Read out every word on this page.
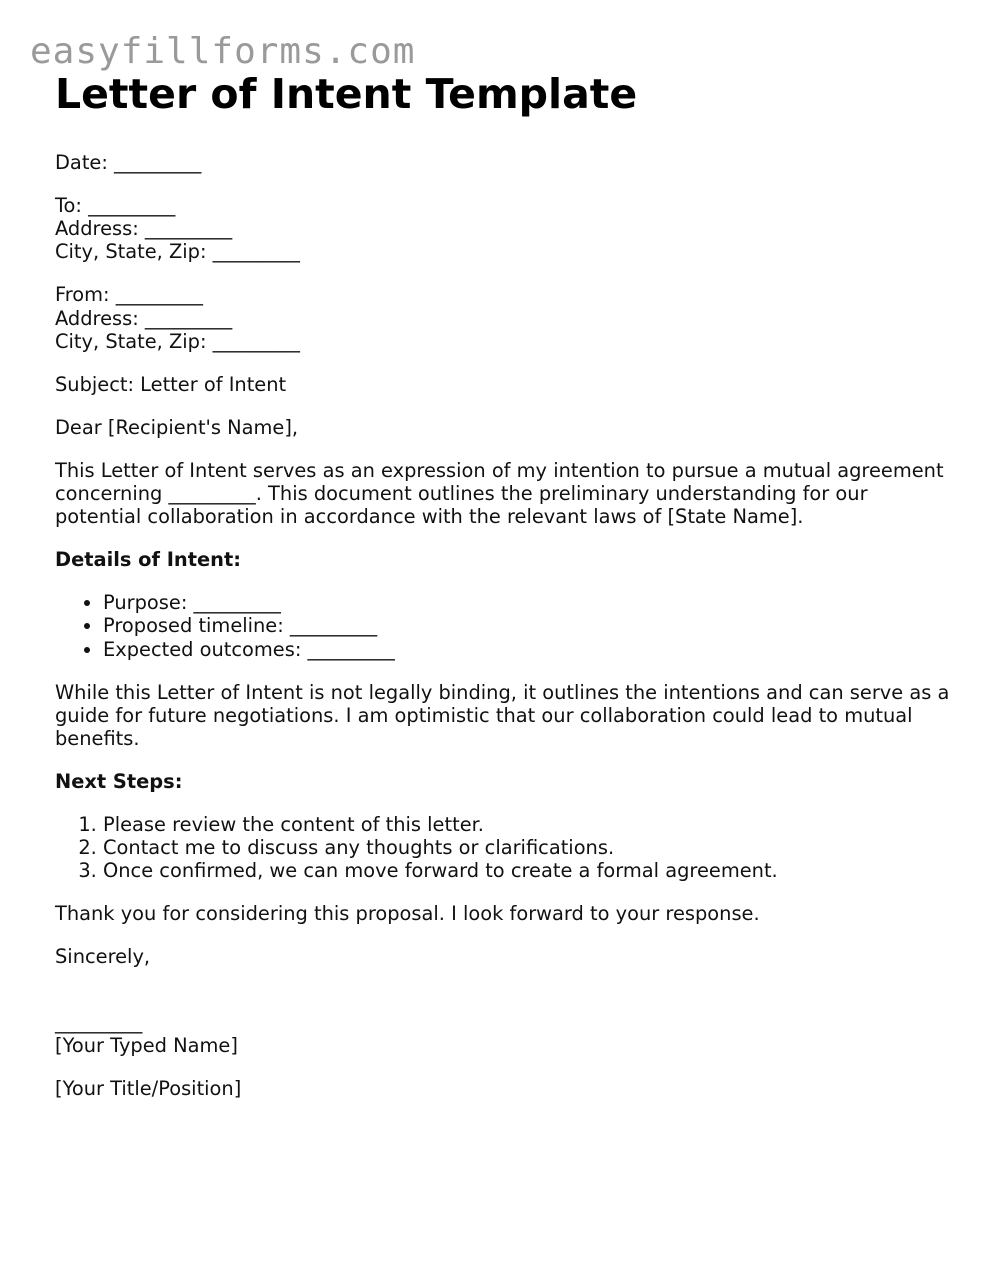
easyfillforms.com
Letter of Intent Template

Date: _________

To: _________
Address: _________
City, State, Zip: _________
From: _________
Address: _________
City, State, Zip: _________

Subject: Letter of Intent

Dear [Recipient's Name],

This Letter of Intent serves as an expression of my intention to pursue a mutual agreement concerning _________. This document outlines the preliminary understanding for our potential collaboration in accordance with the relevant laws of [State Name].

Details of Intent:

• Purpose: _________
• Proposed timeline: _________
• Expected outcomes: _________

While this Letter of Intent is not legally binding, it outlines the intentions and can serve as a guide for future negotiations. I am optimistic that our collaboration could lead to mutual benefits.

Next Steps:

1. Please review the content of this letter.
2. Contact me to discuss any thoughts or clarifications.
3. Once confirmed, we can move forward to create a formal agreement.

Thank you for considering this proposal. I look forward to your response.

Sincerely,

_________
[Your Typed Name]

[Your Title/Position]
